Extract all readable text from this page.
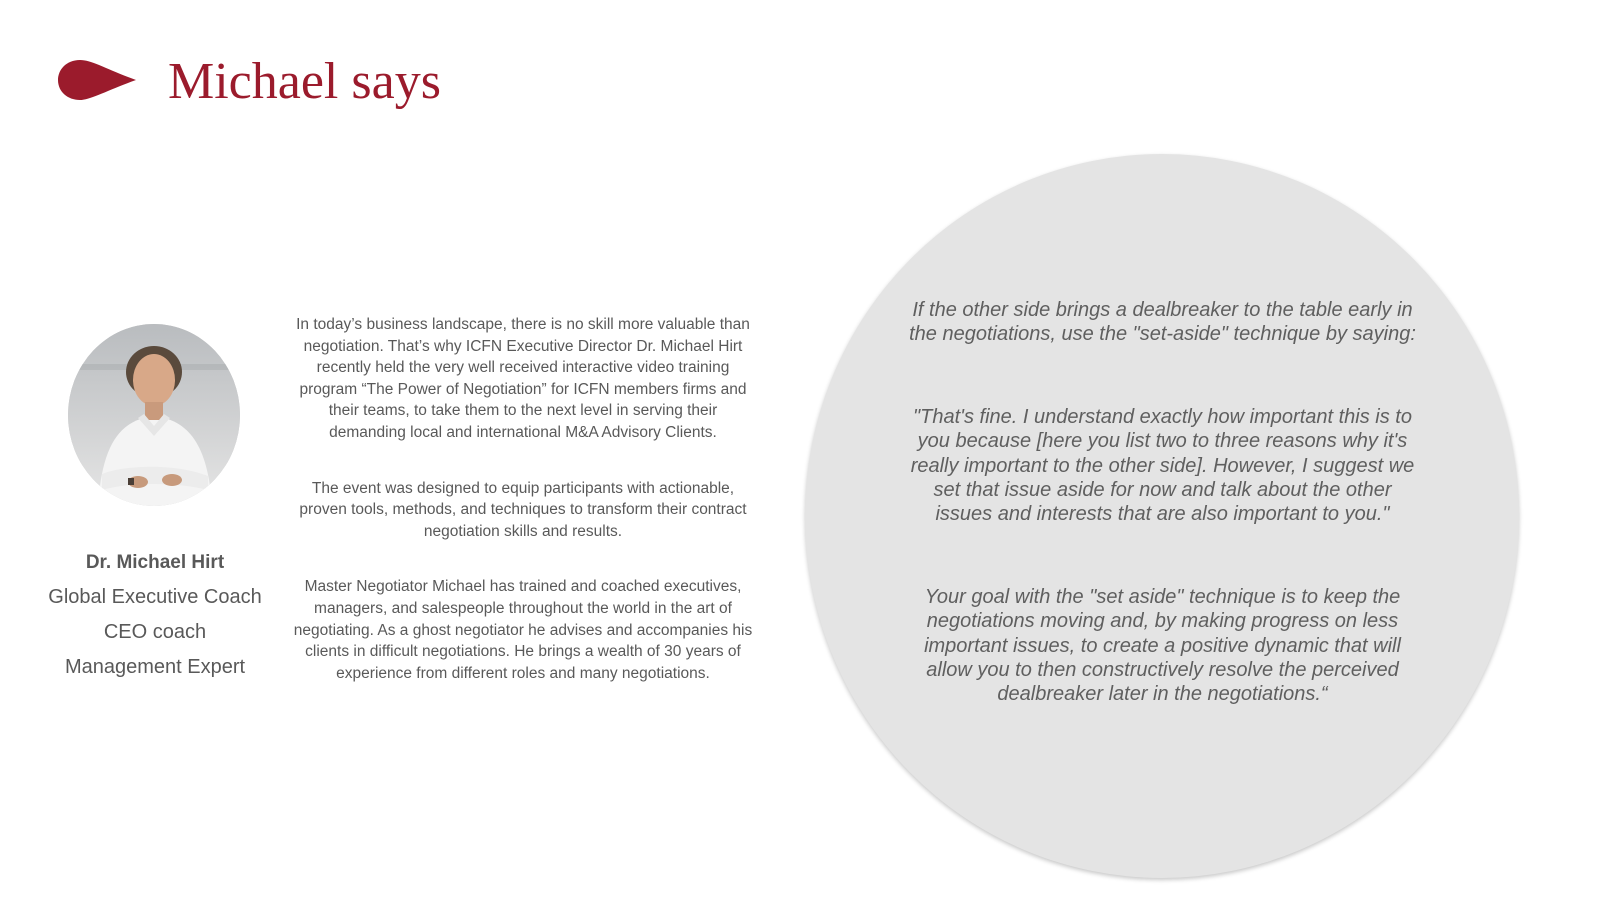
Michael says
Dr. Michael Hirt
Global Executive Coach
CEO coach
Management Expert

In today’s business landscape, there is no skill more valuable than negotiation. That’s why ICFN Executive Director Dr. Michael Hirt recently held the very well received interactive video training program “The Power of Negotiation” for ICFN members firms and their teams, to take them to the next level in serving their demanding local and international M&A Advisory Clients.

The event was designed to equip participants with actionable, proven tools, methods, and techniques to transform their contract negotiation skills and results.

Master Negotiator Michael has trained and coached executives, managers, and salespeople throughout the world in the art of negotiating. As a ghost negotiator he advises and accompanies his clients in difficult negotiations. He brings a wealth of 30 years of experience from different roles and many negotiations.

If the other side brings a dealbreaker to the table early in the negotiations, use the "set-aside" technique by saying:

"That's fine. I understand exactly how important this is to you because [here you list two to three reasons why it's really important to the other side]. However, I suggest we set that issue aside for now and talk about the other issues and interests that are also important to you."

Your goal with the "set aside" technique is to keep the negotiations moving and, by making progress on less important issues, to create a positive dynamic that will allow you to then constructively resolve the perceived dealbreaker later in the negotiations.“
